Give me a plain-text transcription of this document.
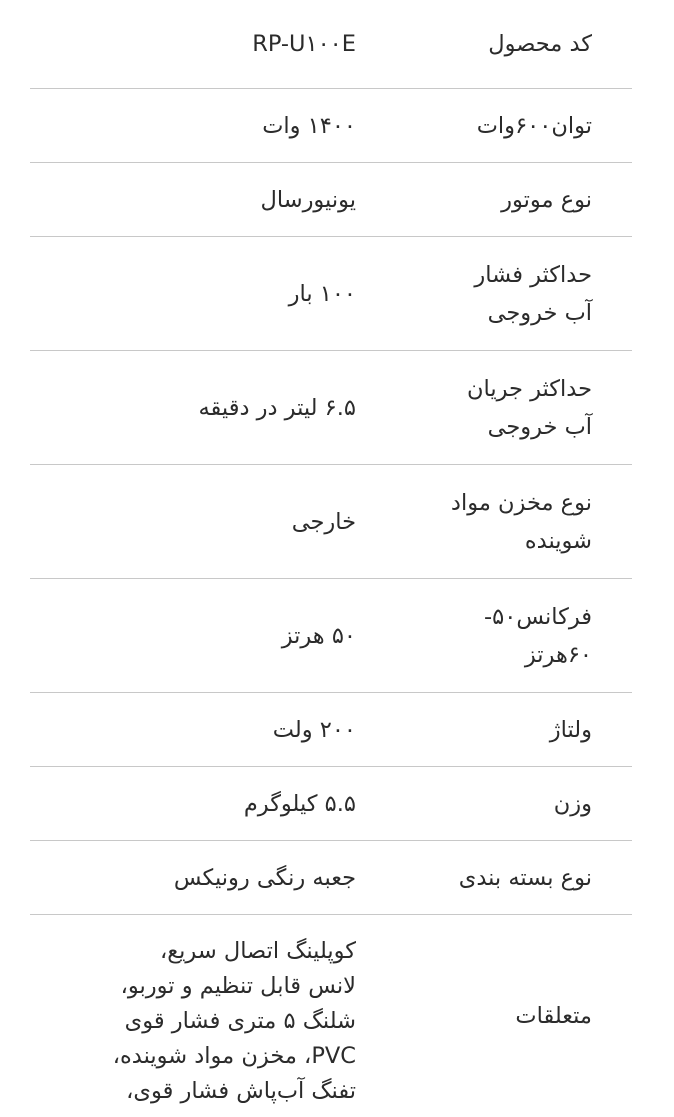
کد محصول
RP-U۱۰۰E
توان۶۰۰وات
۱۴۰۰ وات
نوع موتور
یونیورسال
حداکثر فشار
آب خروجی
۱۰۰ بار
حداکثر جریان
آب خروجی
۶.۵ لیتر در دقیقه
نوع مخزن مواد
شوینده
خارجی
فرکانس۵۰-
۶۰هرتز
۵۰ هرتز
ولتاژ
۲۰۰ ولت
وزن
۵.۵ کیلوگرم
نوع بسته بندی
جعبه رنگی رونیکس
متعلقات
کوپلینگ اتصال سریع،
لانس قابل تنظیم و توربو،
شلنگ ۵ متری فشار قوی
PVC، مخزن مواد شوینده،
تفنگ آب‌پاش فشار قوی،
